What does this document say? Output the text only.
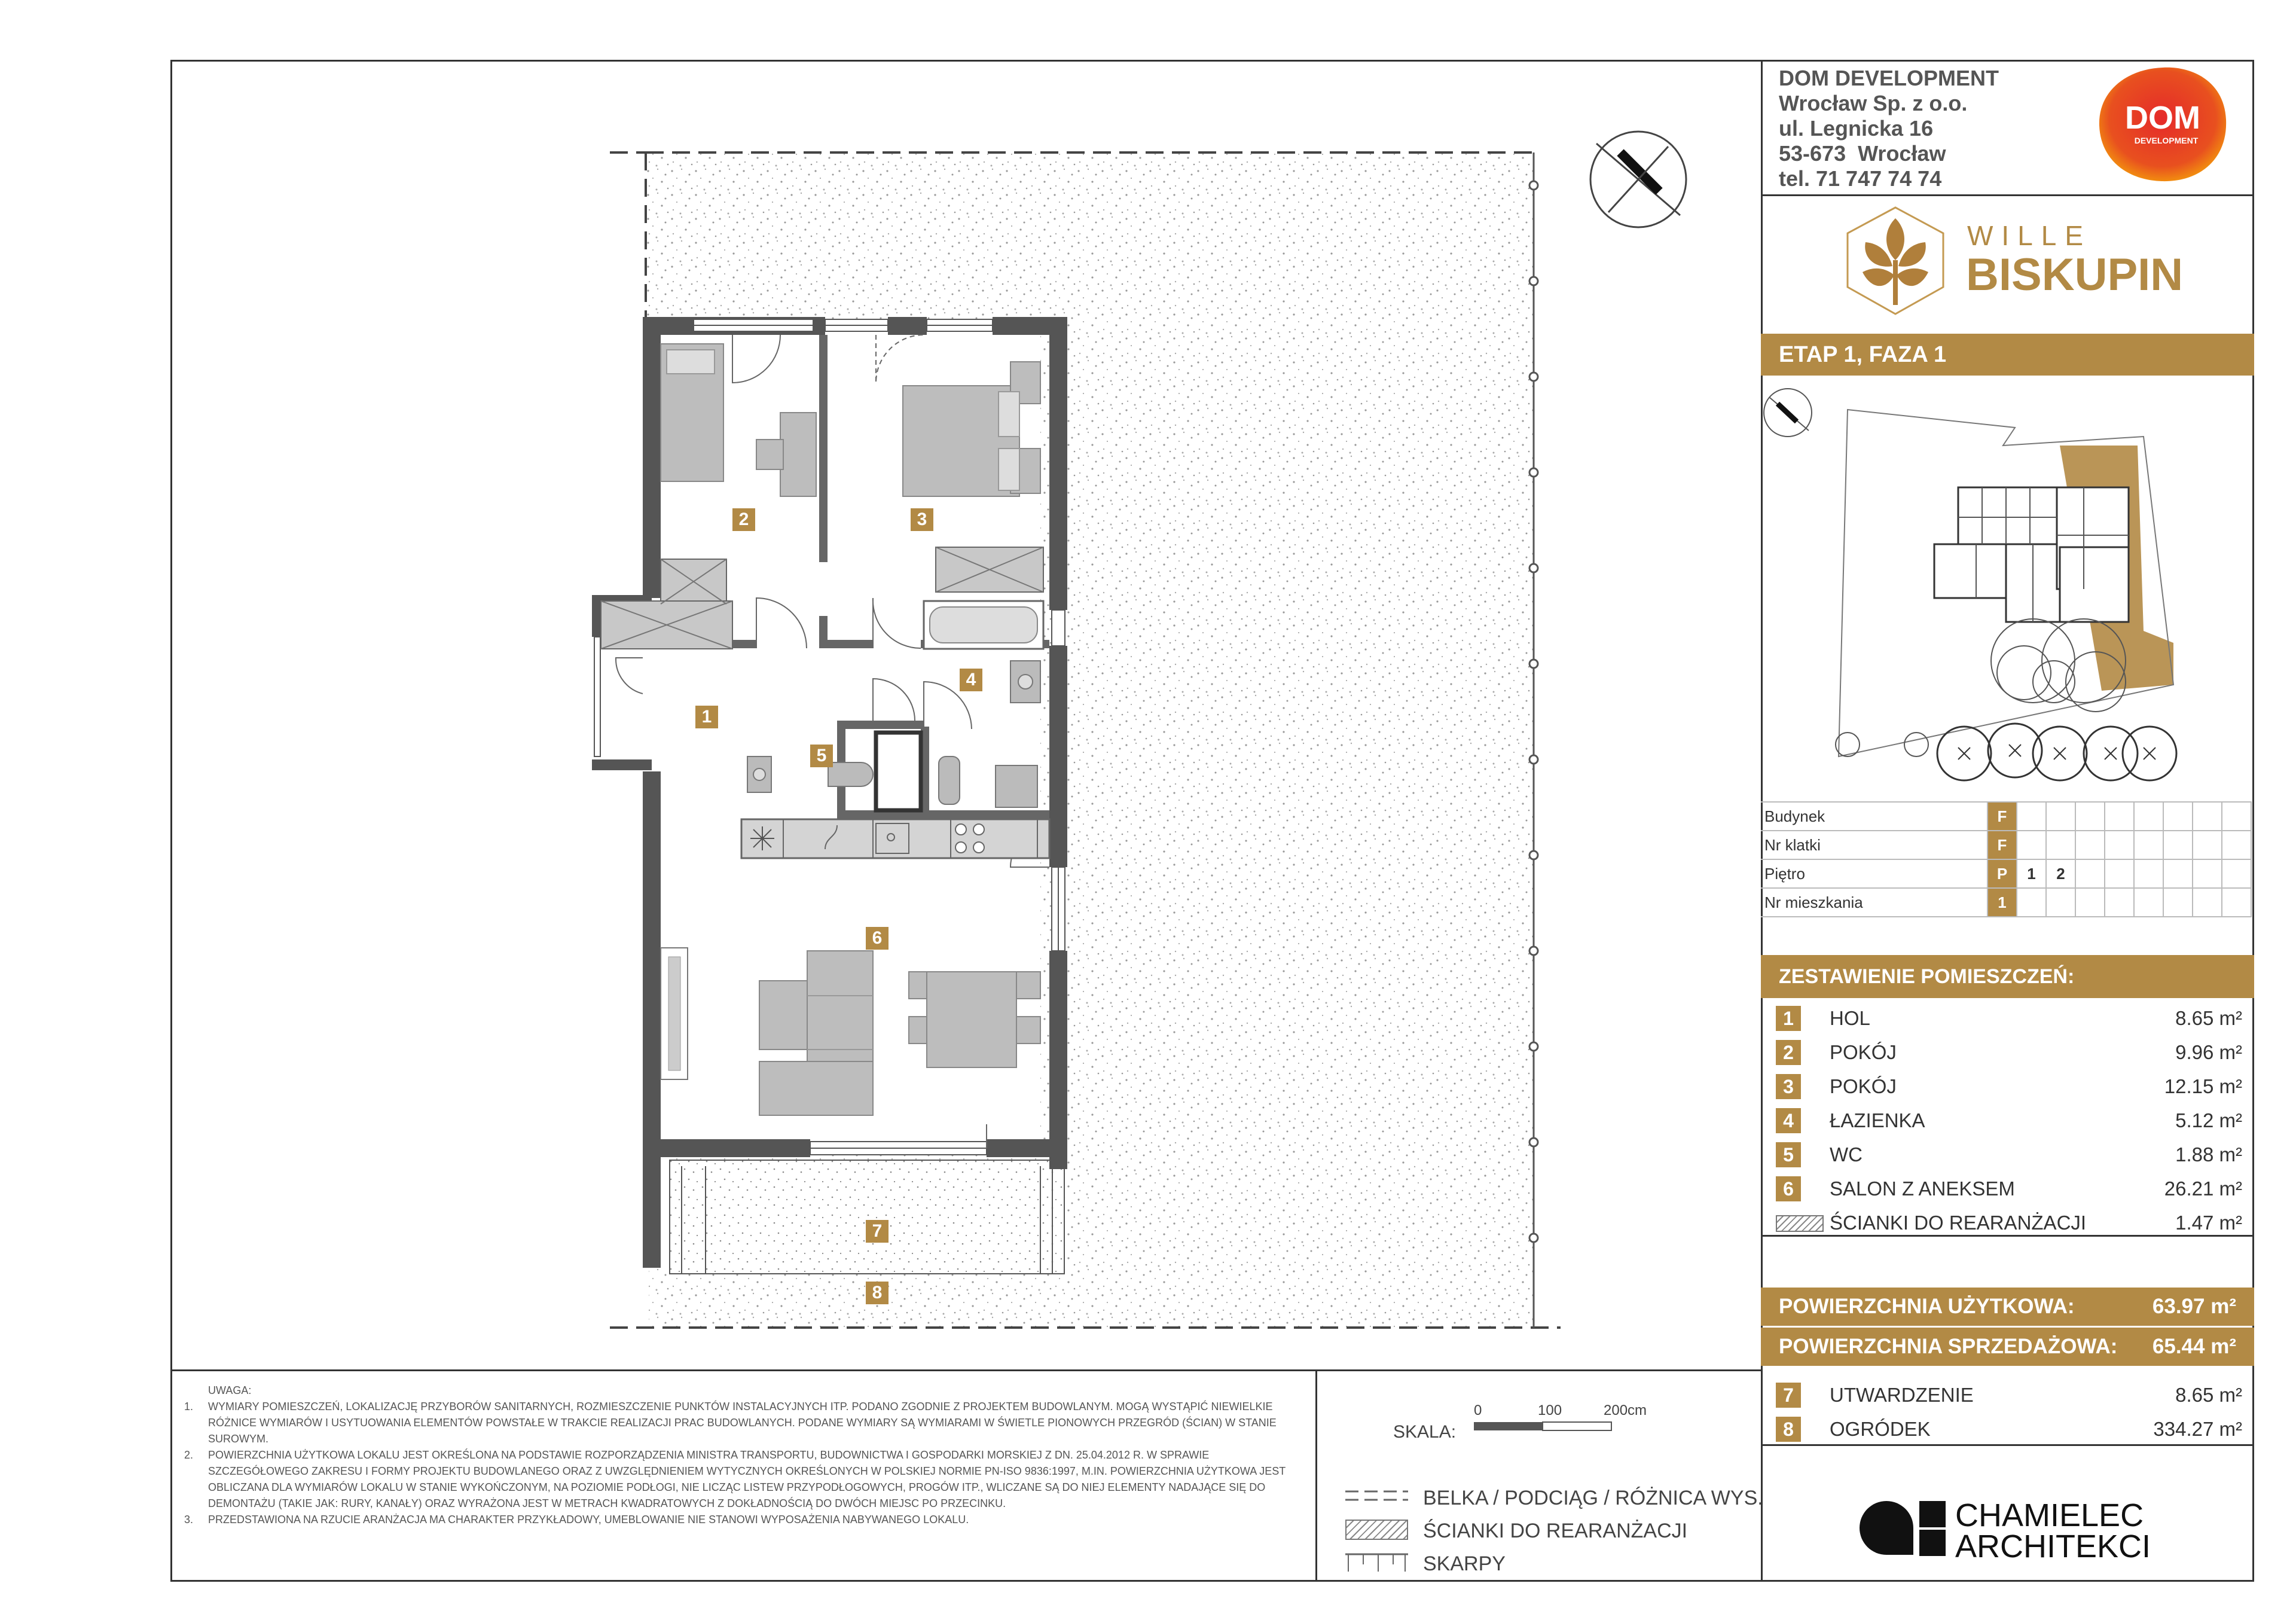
1
2	3
4
5
6
7
8
DOM DEVELOPMENT
Wrocław Sp. z o.o.
ul. Legnicka 16
53-673  Wrocław
tel. 71 747 74 74
DOM
DEVELOPMENT
WILLE
BISKUPIN
ETAP 1, FAZA 1
Budynek	F								
Nr klatki	F								
Piętro	P	1	2						
Nr mieszkania	1								
ZESTAWIENIE POMIESZCZEŃ:
1	HOL	8.65 m²
2	POKÓJ	9.96 m²
3	POKÓJ	12.15 m²
4	ŁAZIENKA	5.12 m²
5	WC	1.88 m²
6	SALON Z ANEKSEM	26.21 m²
ŚCIANKI DO REARANŻACJI	1.47 m²
POWIERZCHNIA UŻYTKOWA:	63.97 m²
POWIERZCHNIA SPRZEDAŻOWA: 65.44 m²
7	UTWARDZENIE	8.65 m²
8	OGRÓDEK	334.27 m²
UWAGA:
1. WYMIARY POMIESZCZEŃ, LOKALIZACJĘ PRZYBORÓW SANITARNYCH, ROZMIESZCZENIE PUNKTÓW INSTALACYJNYCH ITP. PODANO ZGODNIE Z PROJEKTEM BUDOWLANYM. MOGĄ WYSTĄPIĆ NIEWIELKIE RÓŻNICE WYMIARÓW I USYTUOWANIA ELEMENTÓW POWSTAŁE W TRAKCIE REALIZACJI PRAC BUDOWLANYCH. PODANE WYMIARY SĄ WYMIARAMI W ŚWIETLE PIONOWYCH PRZEGRÓD (ŚCIAN) W STANIE SUROWYM.
2. POWIERZCHNIA UŻYTKOWA LOKALU JEST OKREŚLONA NA PODSTAWIE ROZPORZĄDZENIA MINISTRA TRANSPORTU, BUDOWNICTWA I GOSPODARKI MORSKIEJ Z DN. 25.04.2012 R. W SPRAWIE SZCZEGÓŁOWEGO ZAKRESU I FORMY PROJEKTU BUDOWLANEGO ORAZ Z UWZGLĘDNIENIEM WYTYCZNYCH OKREŚLONYCH W POLSKIEJ NORMIE PN-ISO 9836:1997, M.IN. POWIERZCHNIA UŻYTKOWA JEST OBLICZANA DLA WYMIARÓW LOKALU W STANIE WYKOŃCZONYM, NA POZIOMIE PODŁOGI, NIE LICZĄC LISTEW PRZYPODŁOGOWYCH, PROGÓW ITP., WLICZANE SĄ DO NIEJ ELEMENTY NADAJĄCE SIĘ DO DEMONTAŻU (TAKIE JAK: RURY, KANAŁY) ORAZ WYRAŻONA JEST W METRACH KWADRATOWYCH Z DOKŁADNOŚCIĄ DO DWÓCH MIEJSC PO PRZECINKU.
3. PRZEDSTAWIONA NA RZUCIE ARANŻACJA MA CHARAKTER PRZYKŁADOWY, UMEBLOWANIE NIE STANOWI WYPOSAŻENIA NABYWANEGO LOKALU.
SKALA:
0	100	200cm
BELKA / PODCIĄG / RÓŻNICA WYS.
ŚCIANKI DO REARANŻACJI
SKARPY
CHAMIELEC
ARCHITEKCI
